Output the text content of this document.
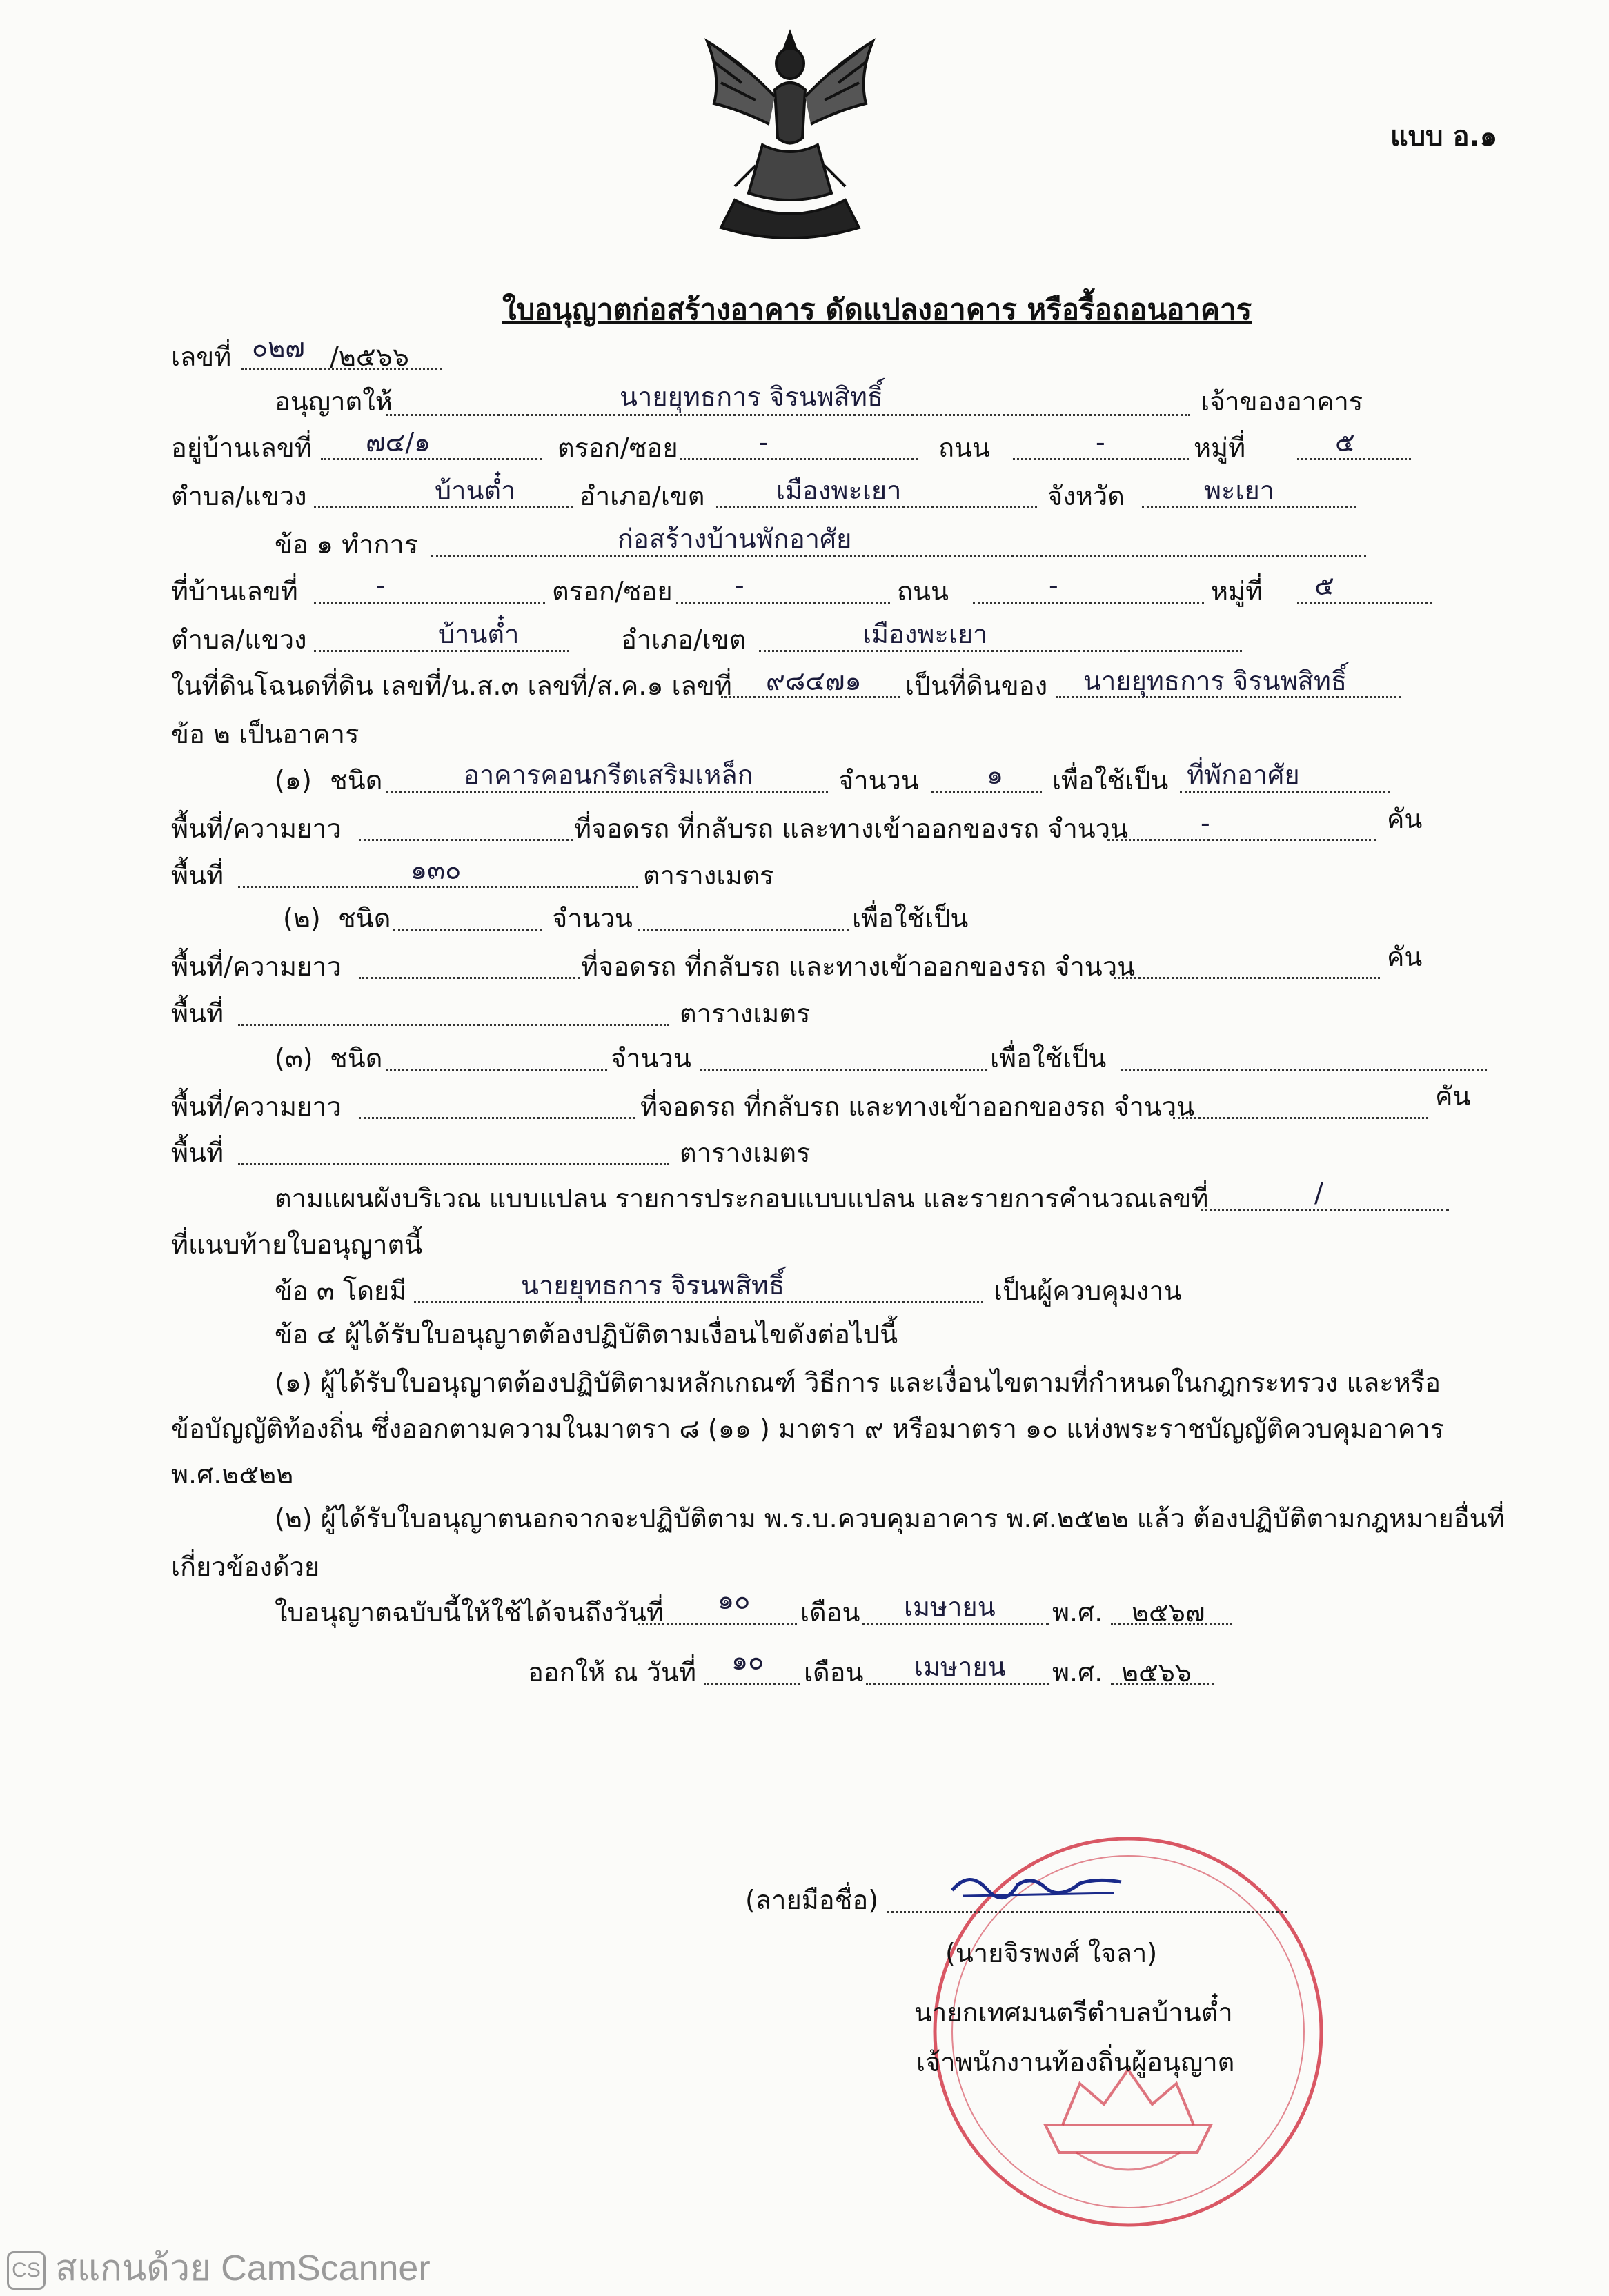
แบบ อ.๑
ใบอนุญาตก่อสร้างอาคาร ดัดแปลงอาคาร หรือรื้อถอนอาคาร
เลขที่ ๐๒๗ /๒๕๖๖
อนุญาตให้	นายยุทธการ จิรนพสิทธิ์	เจ้าของอาคาร
อยู่บ้านเลขที่ ๗๔/๑	ตรอก/ซอย	-	ถนน	-	หมู่ที่	๕
ตำบล/แขวง	บ้านต๋ำ อำเภอ/เขต	เมืองพะเยา	จังหวัด	พะเยา
ข้อ ๑ ทำการ	ก่อสร้างบ้านพักอาศัย
ที่บ้านเลขที่	-	ตรอก/ซอย -	ถนน	-	หมู่ที่ ๕
ตำบล/แขวง	บ้านต๋ำ	อำเภอ/เขต	เมืองพะเยา
ในที่ดินโฉนดที่ดิน เลขที่/น.ส.๓ เลขที่/ส.ค.๑ เลขที่ ๙๘๔๗๑ เป็นที่ดินของ นายยุทธการ จิรนพสิทธิ์
ข้อ ๒ เป็นอาคาร
(๑) ชนิด	อาคารคอนกรีตเสริมเหล็ก	จำนวน	๑ เพื่อใช้เป็น ที่พักอาศัย
พื้นที่/ความยาว	ที่จอดรถ ที่กลับรถ และทางเข้าออกของรถ จำนวน	-	คัน
พื้นที่	๑๓๐	ตารางเมตร
(๒) ชนิด	จำนวน	เพื่อใช้เป็น
พื้นที่/ความยาว	ที่จอดรถ ที่กลับรถ และทางเข้าออกของรถ จำนวน	คัน
พื้นที่	ตารางเมตร
(๓) ชนิด	จำนวน	เพื่อใช้เป็น
พื้นที่/ความยาว	ที่จอดรถ ที่กลับรถ และทางเข้าออกของรถ จำนวน	คัน
พื้นที่	ตารางเมตร
ตามแผนผังบริเวณ แบบแปลน รายการประกอบแบบแปลน และรายการคำนวณเลขที่	/
ที่แนบท้ายใบอนุญาตนี้
ข้อ ๓ โดยมี	นายยุทธการ จิรนพสิทธิ์	เป็นผู้ควบคุมงาน
ข้อ ๔ ผู้ได้รับใบอนุญาตต้องปฏิบัติตามเงื่อนไขดังต่อไปนี้
(๑) ผู้ได้รับใบอนุญาตต้องปฏิบัติตามหลักเกณฑ์ วิธีการ และเงื่อนไขตามที่กำหนดในกฎกระทรวง และหรือ
ข้อบัญญัติท้องถิ่น ซึ่งออกตามความในมาตรา ๘ (๑๑ ) มาตรา ๙ หรือมาตรา ๑๐ แห่งพระราชบัญญัติควบคุมอาคาร
พ.ศ.๒๕๒๒
(๒) ผู้ได้รับใบอนุญาตนอกจากจะปฏิบัติตาม พ.ร.บ.ควบคุมอาคาร พ.ศ.๒๕๒๒ แล้ว ต้องปฏิบัติตามกฎหมายอื่นที่
เกี่ยวข้องด้วย
ใบอนุญาตฉบับนี้ให้ใช้ได้จนถึงวันที่ ๑๐ เดือน เมษายน พ.ศ. ๒๕๖๗
ออกให้ ณ วันที่ ๑๐ เดือน เมษายน พ.ศ. ๒๕๖๖
(ลายมือชื่อ)
(นายจิรพงศ์ ใจลา)
นายกเทศมนตรีตำบลบ้านต๋ำ
เจ้าพนักงานท้องถิ่นผู้อนุญาต
CS สแกนด้วย CamScanner
